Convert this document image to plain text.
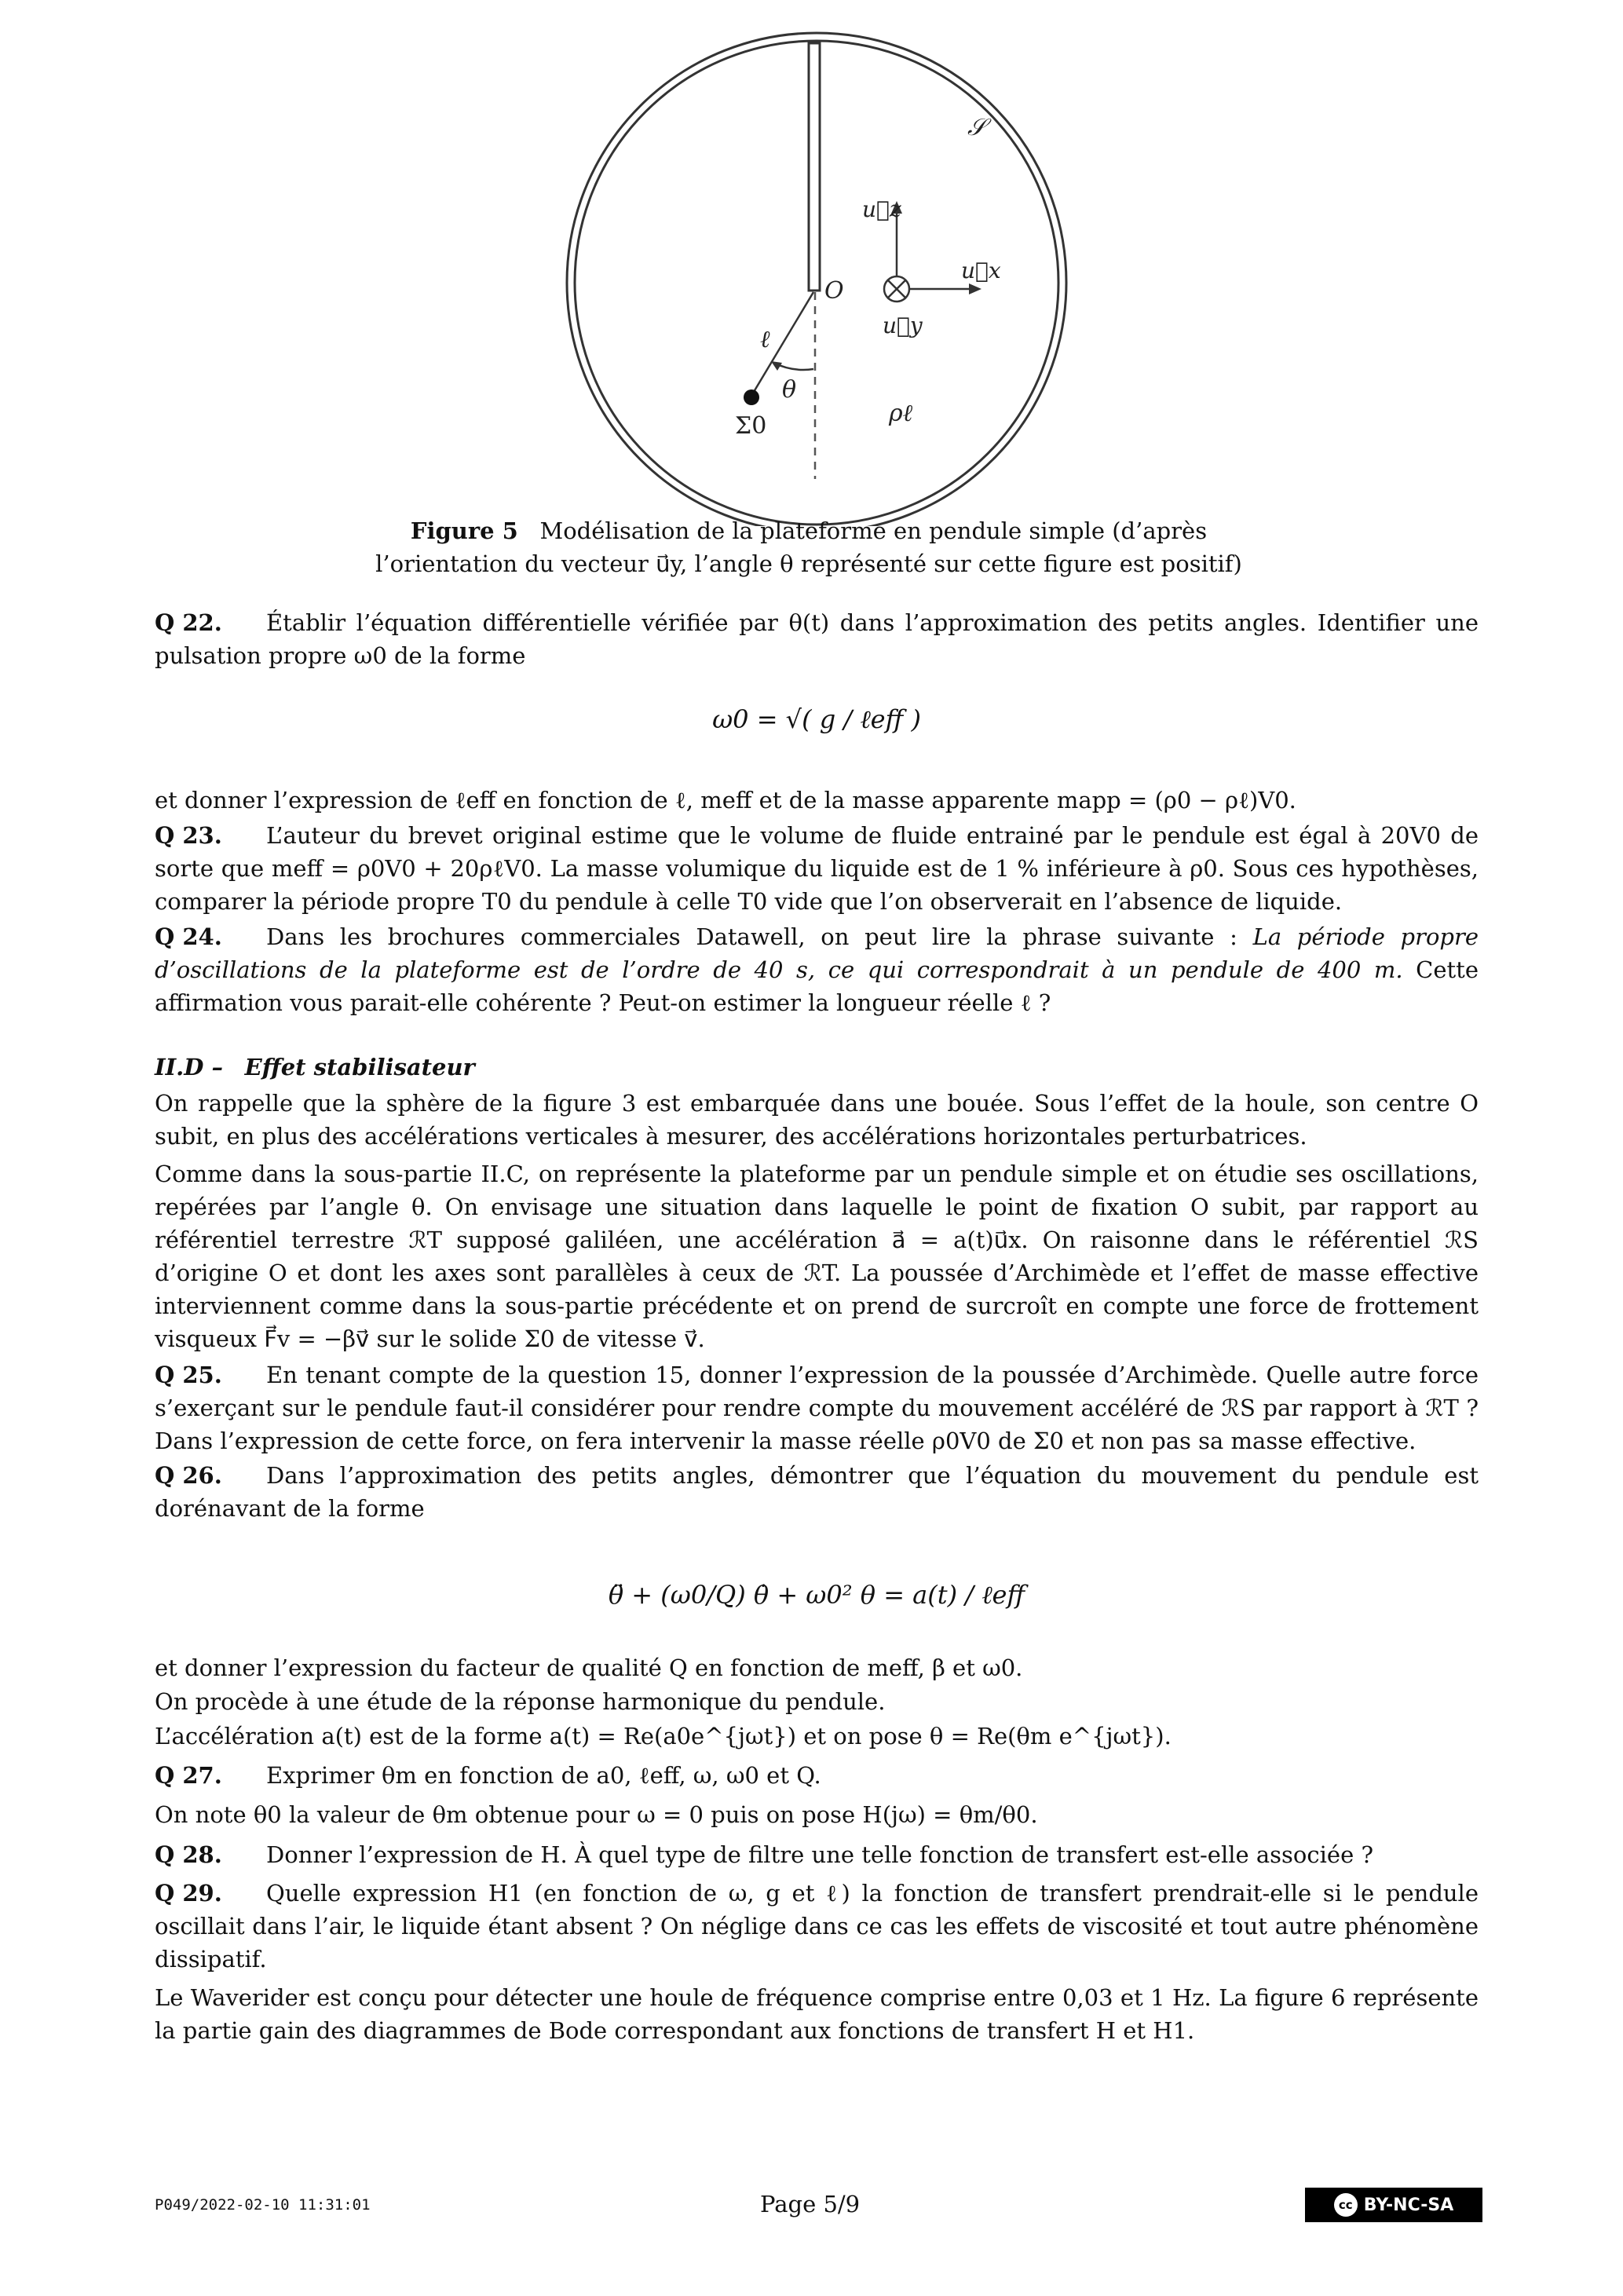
𝒮
u⃗z
u⃗x
u⃗y
O
ℓ
θ
Σ0	ρℓ
Figure 5 Modélisation de la plateforme en pendule simple (d’après
l’orientation du vecteur u⃗y, l’angle θ représenté sur cette figure est positif)

Q 22. Établir l’équation différentielle vérifiée par θ(t) dans l’approximation des petits angles. Identifier une pulsation propre ω0 de la forme

ω0 = √( g / ℓeff )
et donner l’expression de ℓeff en fonction de ℓ, meff et de la masse apparente mapp = (ρ0 − ρℓ)V0.

Q 23. L’auteur du brevet original estime que le volume de fluide entrainé par le pendule est égal à 20V0 de sorte que meff = ρ0V0 + 20ρℓV0. La masse volumique du liquide est de 1 % inférieure à ρ0. Sous ces hypothèses, comparer la période propre T0 du pendule à celle T0 vide que l’on observerait en l’absence de liquide.

Q 24. Dans les brochures commerciales Datawell, on peut lire la phrase suivante : La période propre d’oscillations de la plateforme est de l’ordre de 40 s, ce qui correspondrait à un pendule de 400 m. Cette affirmation vous parait-elle cohérente ? Peut-on estimer la longueur réelle ℓ ?

II.D – Effet stabilisateur
On rappelle que la sphère de la figure 3 est embarquée dans une bouée. Sous l’effet de la houle, son centre O subit, en plus des accélérations verticales à mesurer, des accélérations horizontales perturbatrices.
Comme dans la sous-partie II.C, on représente la plateforme par un pendule simple et on étudie ses oscillations, repérées par l’angle θ. On envisage une situation dans laquelle le point de fixation O subit, par rapport au référentiel terrestre ℛT supposé galiléen, une accélération a⃗ = a(t)u⃗x. On raisonne dans le référentiel ℛS d’origine O et dont les axes sont parallèles à ceux de ℛT. La poussée d’Archimède et l’effet de masse effective interviennent comme dans la sous-partie précédente et on prend de surcroît en compte une force de frottement visqueux F⃗v = −βv⃗ sur le solide Σ0 de vitesse v⃗.

Q 25. En tenant compte de la question 15, donner l’expression de la poussée d’Archimède. Quelle autre force s’exerçant sur le pendule faut-il considérer pour rendre compte du mouvement accéléré de ℛS par rapport à ℛT ? Dans l’expression de cette force, on fera intervenir la masse réelle ρ0V0 de Σ0 et non pas sa masse effective.

Q 26. Dans l’approximation des petits angles, démontrer que l’équation du mouvement du pendule est dorénavant de la forme

θ̈ + (ω0/Q) θ̇ + ω0² θ = a(t) / ℓeff
et donner l’expression du facteur de qualité Q en fonction de meff, β et ω0.
On procède à une étude de la réponse harmonique du pendule.
L’accélération a(t) est de la forme a(t) = Re(a0e^{jωt}) et on pose θ = Re(θm e^{jωt}).

Q 27. Exprimer θm en fonction de a0, ℓeff, ω, ω0 et Q.

On note θ0 la valeur de θm obtenue pour ω = 0 puis on pose H(jω) = θm/θ0.

Q 28. Donner l’expression de H. À quel type de filtre une telle fonction de transfert est-elle associée ?

Q 29. Quelle expression H1 (en fonction de ω, g et ℓ) la fonction de transfert prendrait-elle si le pendule oscillait dans l’air, le liquide étant absent ? On néglige dans ce cas les effets de viscosité et tout autre phénomène dissipatif.

Le Waverider est conçu pour détecter une houle de fréquence comprise entre 0,03 et 1 Hz. La figure 6 représente la partie gain des diagrammes de Bode correspondant aux fonctions de transfert H et H1.
P049/2022-02-10 11:31:01	Page 5/9	cc BY-NC-SA
